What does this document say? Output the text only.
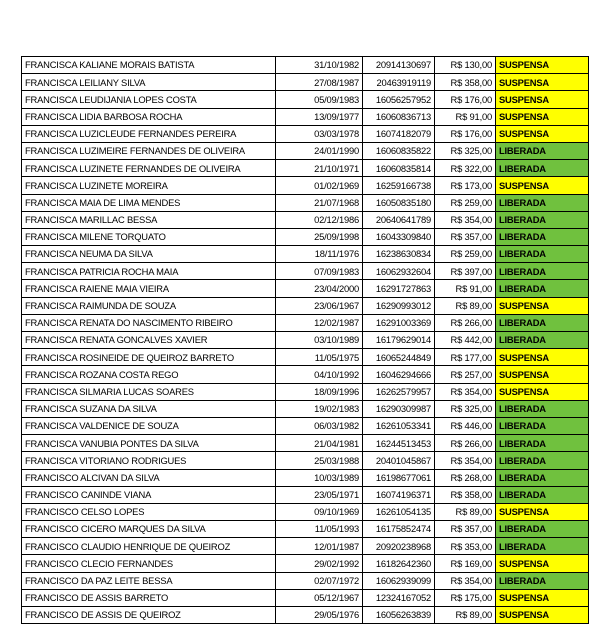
FRANCISCA KALIANE MORAIS BATISTA	31/10/1982	20914130697	R$ 130,00	SUSPENSA
FRANCISCA LEILIANY SILVA	27/08/1987	20463919119	R$ 358,00	SUSPENSA
FRANCISCA LEUDIJANIA LOPES COSTA	05/09/1983	16056257952	R$ 176,00	SUSPENSA
FRANCISCA LIDIA BARBOSA ROCHA	13/09/1977	16060836713	R$ 91,00	SUSPENSA
FRANCISCA LUZICLEUDE FERNANDES PEREIRA	03/03/1978	16074182079	R$ 176,00	SUSPENSA
FRANCISCA LUZIMEIRE FERNANDES DE OLIVEIRA	24/01/1990	16060835822	R$ 325,00	LIBERADA
FRANCISCA LUZINETE FERNANDES DE OLIVEIRA	21/10/1971	16060835814	R$ 322,00	LIBERADA
FRANCISCA LUZINETE MOREIRA	01/02/1969	16259166738	R$ 173,00	SUSPENSA
FRANCISCA MAIA DE LIMA MENDES	21/07/1968	16050835180	R$ 259,00	LIBERADA
FRANCISCA MARILLAC BESSA	02/12/1986	20640641789	R$ 354,00	LIBERADA
FRANCISCA MILENE TORQUATO	25/09/1998	16043309840	R$ 357,00	LIBERADA
FRANCISCA NEUMA DA SILVA	18/11/1976	16238630834	R$ 259,00	LIBERADA
FRANCISCA PATRICIA ROCHA MAIA	07/09/1983	16062932604	R$ 397,00	LIBERADA
FRANCISCA RAIENE MAIA VIEIRA	23/04/2000	16291727863	R$ 91,00	LIBERADA
FRANCISCA RAIMUNDA DE SOUZA	23/06/1967	16290993012	R$ 89,00	SUSPENSA
FRANCISCA RENATA DO NASCIMENTO RIBEIRO	12/02/1987	16291003369	R$ 266,00	LIBERADA
FRANCISCA RENATA GONCALVES XAVIER	03/10/1989	16179629014	R$ 442,00	LIBERADA
FRANCISCA ROSINEIDE DE QUEIROZ BARRETO	11/05/1975	16065244849	R$ 177,00	SUSPENSA
FRANCISCA ROZANA COSTA REGO	04/10/1992	16046294666	R$ 257,00	SUSPENSA
FRANCISCA SILMARIA LUCAS SOARES	18/09/1996	16262579957	R$ 354,00	SUSPENSA
FRANCISCA SUZANA DA SILVA	19/02/1983	16290309987	R$ 325,00	LIBERADA
FRANCISCA VALDENICE DE SOUZA	06/03/1982	16261053341	R$ 446,00	LIBERADA
FRANCISCA VANUBIA PONTES DA SILVA	21/04/1981	16244513453	R$ 266,00	LIBERADA
FRANCISCA VITORIANO RODRIGUES	25/03/1988	20401045867	R$ 354,00	LIBERADA
FRANCISCO ALCIVAN DA SILVA	10/03/1989	16198677061	R$ 268,00	LIBERADA
FRANCISCO CANINDE VIANA	23/05/1971	16074196371	R$ 358,00	LIBERADA
FRANCISCO CELSO LOPES	09/10/1969	16261054135	R$ 89,00	SUSPENSA
FRANCISCO CICERO MARQUES DA SILVA	11/05/1993	16175852474	R$ 357,00	LIBERADA
FRANCISCO CLAUDIO HENRIQUE DE QUEIROZ	12/01/1987	20920238968	R$ 353,00	LIBERADA
FRANCISCO CLECIO FERNANDES	29/02/1992	16182642360	R$ 169,00	SUSPENSA
FRANCISCO DA PAZ LEITE BESSA	02/07/1972	16062939099	R$ 354,00	LIBERADA
FRANCISCO DE ASSIS BARRETO	05/12/1967	12324167052	R$ 175,00	SUSPENSA
FRANCISCO DE ASSIS DE QUEIROZ	29/05/1976	16056263839	R$ 89,00	SUSPENSA
